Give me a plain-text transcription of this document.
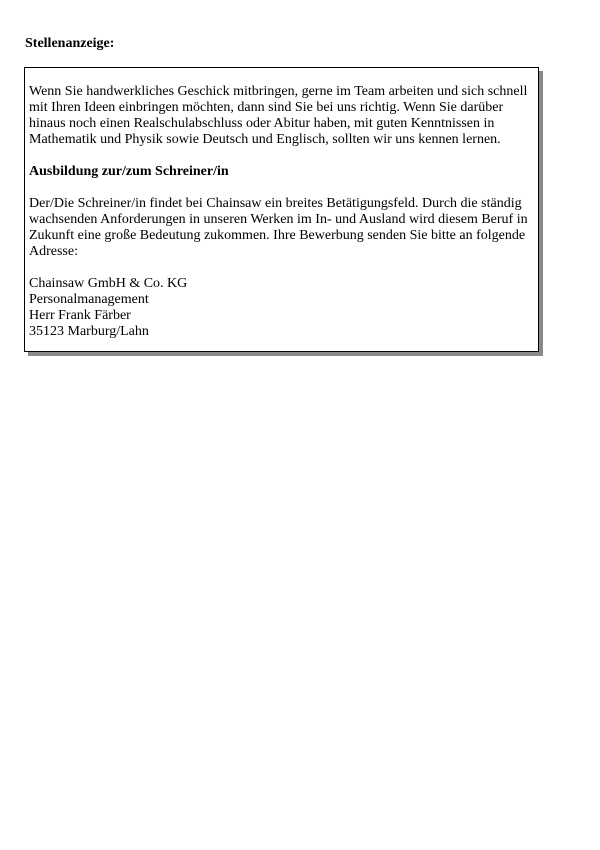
Stellenanzeige:

Wenn Sie handwerkliches Geschick mitbringen, gerne im Team arbeiten und sich schnell mit Ihren Ideen einbringen möchten, dann sind Sie bei uns richtig. Wenn Sie darüber hinaus noch einen Realschulabschluss oder Abitur haben, mit guten Kenntnissen in Mathematik und Physik sowie Deutsch und Englisch, sollten wir uns kennen lernen.

Ausbildung zur/zum Schreiner/in

Der/Die Schreiner/in findet bei Chainsaw ein breites Betätigungsfeld. Durch die ständig wachsenden Anforderungen in unseren Werken im In- und Ausland wird diesem Beruf in Zukunft eine große Bedeutung zukommen. Ihre Bewerbung senden Sie bitte an folgende Adresse:

Chainsaw GmbH & Co. KG
Personalmanagement
Herr Frank Färber
35123 Marburg/Lahn
